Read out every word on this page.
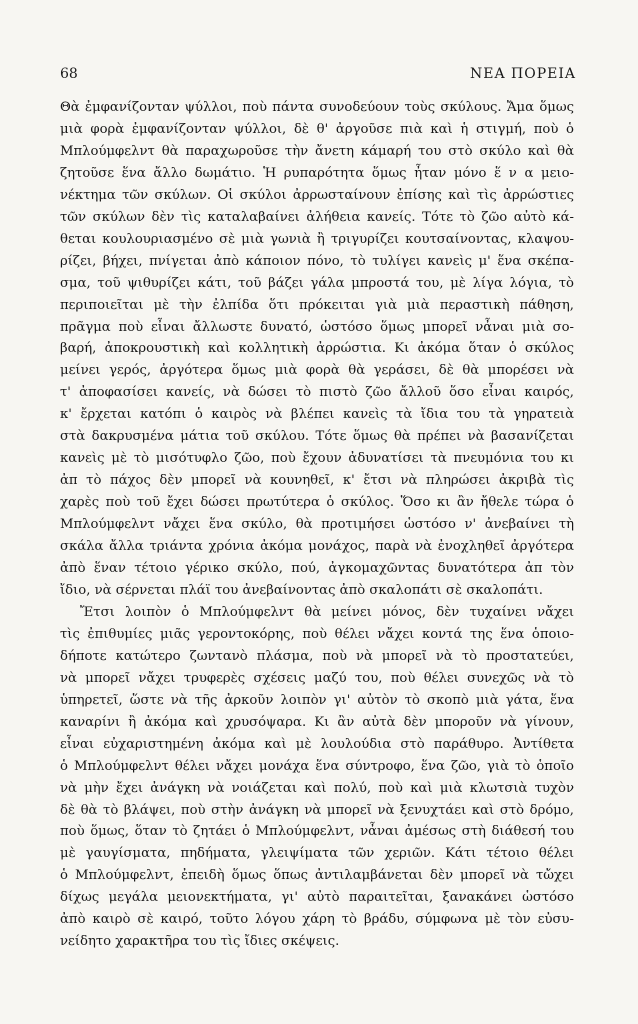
68	ΝΕΑ ΠΟΡΕΙΑ
Θὰ ἐμφανίζονταν ψύλλοι, ποὺ πάντα συνοδεύουν τοὺς σκύλους. Ἄμα ὅμως
μιὰ φορὰ ἐμφανίζονταν ψύλλοι, δὲ θ' ἀργοῦσε πιὰ καὶ ἡ στιγμή, ποὺ ὁ
Μπλούμφελντ θὰ παραχωροῦσε τὴν ἄνετη κάμαρή του στὸ σκύλο καὶ θὰ
ζητοῦσε ἕνα ἄλλο δωμάτιο. Ἡ ρυπαρότητα ὅμως ἦταν μόνο ἕ ν α μειο-
νέκτημα τῶν σκύλων. Οἱ σκύλοι ἀρρωσταίνουν ἐπίσης καὶ τὶς ἀρρώστιες
τῶν σκύλων δὲν τὶς καταλαβαίνει ἀλήθεια κανείς. Τότε τὸ ζῶο αὐτὸ κά-
θεται κουλουριασμένο σὲ μιὰ γωνιὰ ἢ τριγυρίζει κουτσαίνοντας, κλαψου-
ρίζει, βήχει, πνίγεται ἀπὸ κάποιον πόνο, τὸ τυλίγει κανεὶς μ' ἕνα σκέπα-
σμα, τοῦ ψιθυρίζει κάτι, τοῦ βάζει γάλα μπροστά του, μὲ λίγα λόγια, τὸ
περιποιεῖται μὲ τὴν ἐλπίδα ὅτι πρόκειται γιὰ μιὰ περαστικὴ πάθηση,
πρᾶγμα ποὺ εἶναι ἄλλωστε δυνατό, ὡστόσο ὅμως μπορεῖ νἆναι μιὰ σο-
βαρή, ἀποκρουστικὴ καὶ κολλητικὴ ἀρρώστια. Κι ἀκόμα ὅταν ὁ σκύλος
μείνει γερός, ἀργότερα ὅμως μιὰ φορὰ θὰ γεράσει, δὲ θὰ μπορέσει νὰ
τ' ἀποφασίσει κανείς, νὰ δώσει τὸ πιστὸ ζῶο ἄλλοῦ ὅσο εἶναι καιρός,
κ' ἔρχεται κατόπι ὁ καιρὸς νὰ βλέπει κανεὶς τὰ ἴδια του τὰ γηρατειὰ
στὰ δακρυσμένα μάτια τοῦ σκύλου. Τότε ὅμως θὰ πρέπει νὰ βασανίζεται
κανεὶς μὲ τὸ μισότυφλο ζῶο, ποὺ ἔχουν ἀδυνατίσει τὰ πνευμόνια του κι
ἀπ τὸ πάχος δὲν μπορεῖ νὰ κουνηθεῖ, κ' ἔτσι νὰ πληρώσει ἀκριβὰ τὶς
χαρὲς ποὺ τοῦ ἔχει δώσει πρωτύτερα ὁ σκύλος. Ὅσο κι ἂν ἤθελε τώρα ὁ
Μπλούμφελντ νἄχει ἕνα σκύλο, θὰ προτιμήσει ὡστόσο ν' ἀνεβαίνει τὴ
σκάλα ἄλλα τριάντα χρόνια ἀκόμα μονάχος, παρὰ νὰ ἐνοχληθεῖ ἀργότερα
ἀπὸ ἕναν τέτοιο γέρικο σκύλο, πού, ἀγκομαχῶντας δυνατότερα ἀπ τὸν
ἴδιο, νὰ σέρνεται πλάϊ του ἀνεβαίνοντας ἀπὸ σκαλοπάτι σὲ σκαλοπάτι.
Ἔτσι λοιπὸν ὁ Μπλούμφελντ θὰ μείνει μόνος, δὲν τυχαίνει νἄχει
τὶς ἐπιθυμίες μιᾶς γεροντοκόρης, ποὺ θέλει νἄχει κοντά της ἕνα ὁποιο-
δήποτε κατώτερο ζωντανὸ πλάσμα, ποὺ νὰ μπορεῖ νὰ τὸ προστατεύει,
νὰ μπορεῖ νἄχει τρυφερὲς σχέσεις μαζύ του, ποὺ θέλει συνεχῶς νὰ τὸ
ὑπηρετεῖ, ὥστε νὰ τῆς ἀρκοῦν λοιπὸν γι' αὐτὸν τὸ σκοπὸ μιὰ γάτα, ἕνα
καναρίνι ἢ ἀκόμα καὶ χρυσόψαρα. Κι ἂν αὐτὰ δὲν μποροῦν νὰ γίνουν,
εἶναι εὐχαριστημένη ἀκόμα καὶ μὲ λουλούδια στὸ παράθυρο. Ἀντίθετα
ὁ Μπλούμφελντ θέλει νἄχει μονάχα ἕνα σύντροφο, ἕνα ζῶο, γιὰ τὸ ὁποῖο
νὰ μὴν ἔχει ἀνάγκη νὰ νοιάζεται καὶ πολύ, ποὺ καὶ μιὰ κλωτσιὰ τυχὸν
δὲ θὰ τὸ βλάψει, ποὺ στὴν ἀνάγκη νὰ μπορεῖ νὰ ξενυχτάει καὶ στὸ δρόμο,
ποὺ ὅμως, ὅταν τὸ ζητάει ὁ Μπλούμφελντ, νἆναι ἀμέσως στὴ διάθεσή του
μὲ γαυγίσματα, πηδήματα, γλειψίματα τῶν χεριῶν. Κάτι τέτοιο θέλει
ὁ Μπλούμφελντ, ἐπειδὴ ὅμως ὅπως ἀντιλαμβάνεται δὲν μπορεῖ νὰ τὤχει
δίχως μεγάλα μειονεκτήματα, γι' αὐτὸ παραιτεῖται, ξανακάνει ὡστόσο
ἀπὸ καιρὸ σὲ καιρό, τοῦτο λόγου χάρη τὸ βράδυ, σύμφωνα μὲ τὸν εὐσυ-
νείδητο χαρακτῆρα του τὶς ἴδιες σκέψεις.
